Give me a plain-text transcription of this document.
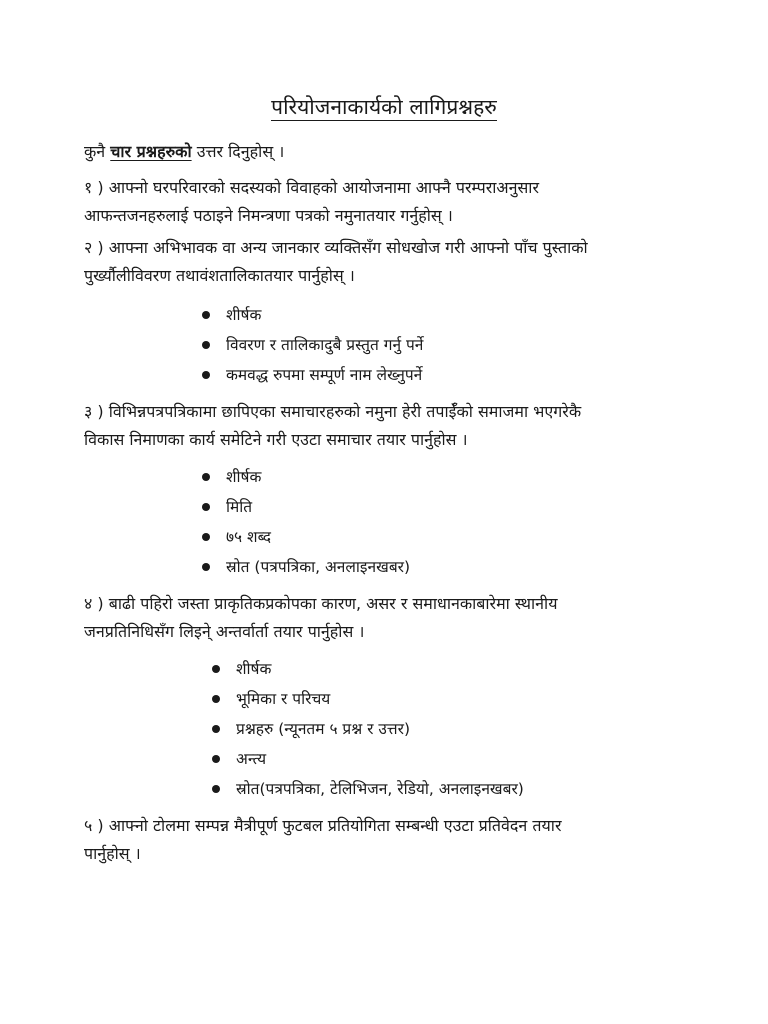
परियोजनाकार्यको लागिप्रश्नहरु
कुनै चार प्रश्नहरुको उत्तर दिनुहोस् ।

१ ) आफ्नो घरपरिवारको सदस्यको विवाहको आयोजनामा आफ्नै परम्पराअनुसार
आफन्तजनहरुलाई पठाइने निमन्त्रणा पत्रको नमुनातयार गर्नुहोस् ।

२ ) आफ्ना अभिभावक वा अन्य जानकार व्यक्तिसँग सोधखोज गरी आफ्नो पाँच पुस्ताको
पुर्ख्यौलीविवरण तथावंशतालिकातयार पार्नुहोस् ।

शीर्षक
विवरण र तालिकादुबै प्रस्तुत गर्नु पर्ने
कमवद्ध रुपमा सम्पूर्ण नाम लेख्नुपर्ने

३ ) विभिन्नपत्रपत्रिकामा छापिएका समाचारहरुको नमुना हेरी तपाईँको समाजमा भएगरेकै
विकास निमाणका कार्य समेटिने गरी एउटा समाचार तयार पार्नुहोस ।

शीर्षक
मिति
७५ शब्द
स्रोत (पत्रपत्रिका, अनलाइनखबर)

४ ) बाढी पहिरो जस्ता प्राकृतिकप्रकोपका कारण, असर र समाधानकाबारेमा स्थानीय
जनप्रतिनिधिसँग लिइने् अन्तर्वार्ता तयार पार्नुहोस ।

शीर्षक
भूमिका र परिचय
प्रश्नहरु (न्यूनतम ५ प्रश्न र उत्तर)
अन्त्य
स्रोत(पत्रपत्रिका, टेलिभिजन, रेडियो, अनलाइनखबर)

५ ) आफ्नो टोलमा सम्पन्न मैत्रीपूर्ण फुटबल प्रतियोगिता सम्बन्धी एउटा प्रतिवेदन तयार
पार्नुहोस् ।
